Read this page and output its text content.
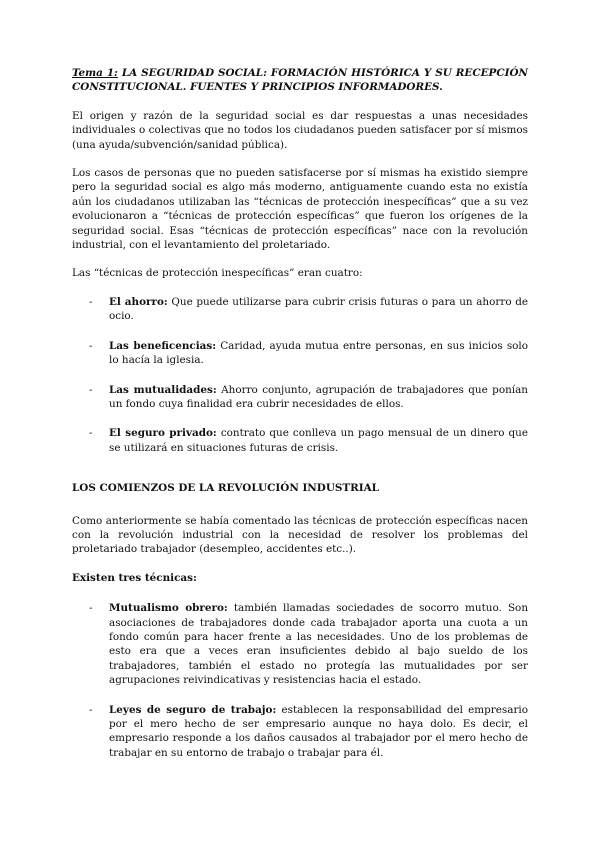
Tema 1: LA SEGURIDAD SOCIAL: FORMACIÓN HISTÓRICA Y SU RECEPCIÓN CONSTITUCIONAL. FUENTES Y PRINCIPIOS INFORMADORES.

El origen y razón de la seguridad social es dar respuestas a unas necesidades individuales o colectivas que no todos los ciudadanos pueden satisfacer por sí mismos (una ayuda/subvención/sanidad pública).

Los casos de personas que no pueden satisfacerse por sí mismas ha existido siempre pero la seguridad social es algo más moderno, antiguamente cuando esta no existía aún los ciudadanos utilizaban las “técnicas de protección inespecíficas” que a su vez evolucionaron a “técnicas de protección específicas” que fueron los orígenes de la seguridad social. Esas “técnicas de protección específicas” nace con la revolución industrial, con el levantamiento del proletariado.

Las “técnicas de protección inespecíficas” eran cuatro:

- El ahorro: Que puede utilizarse para cubrir crisis futuras o para un ahorro de ocio.
- Las beneficencias: Caridad, ayuda mutua entre personas, en sus inicios solo lo hacía la iglesia.
- Las mutualidades: Ahorro conjunto, agrupación de trabajadores que ponían un fondo cuya finalidad era cubrir necesidades de ellos.
- El seguro privado: contrato que conlleva un pago mensual de un dinero que se utilizará en situaciones futuras de crisis.
LOS COMIENZOS DE LA REVOLUCIÓN INDUSTRIAL

Como anteriormente se había comentado las técnicas de protección específicas nacen con la revolución industrial con la necesidad de resolver los problemas del proletariado trabajador (desempleo, accidentes etc..).

Existen tres técnicas:
- Mutualismo obrero: también llamadas sociedades de socorro mutuo. Son asociaciones de trabajadores donde cada trabajador aporta una cuota a un fondo común para hacer frente a las necesidades. Uno de los problemas de esto era que a veces eran insuficientes debido al bajo sueldo de los trabajadores, también el estado no protegía las mutualidades por ser agrupaciones reivindicativas y resistencias hacia el estado.
- Leyes de seguro de trabajo: establecen la responsabilidad del empresario por el mero hecho de ser empresario aunque no haya dolo. Es decir, el empresario responde a los daños causados al trabajador por el mero hecho de trabajar en su entorno de trabajo o trabajar para él.
